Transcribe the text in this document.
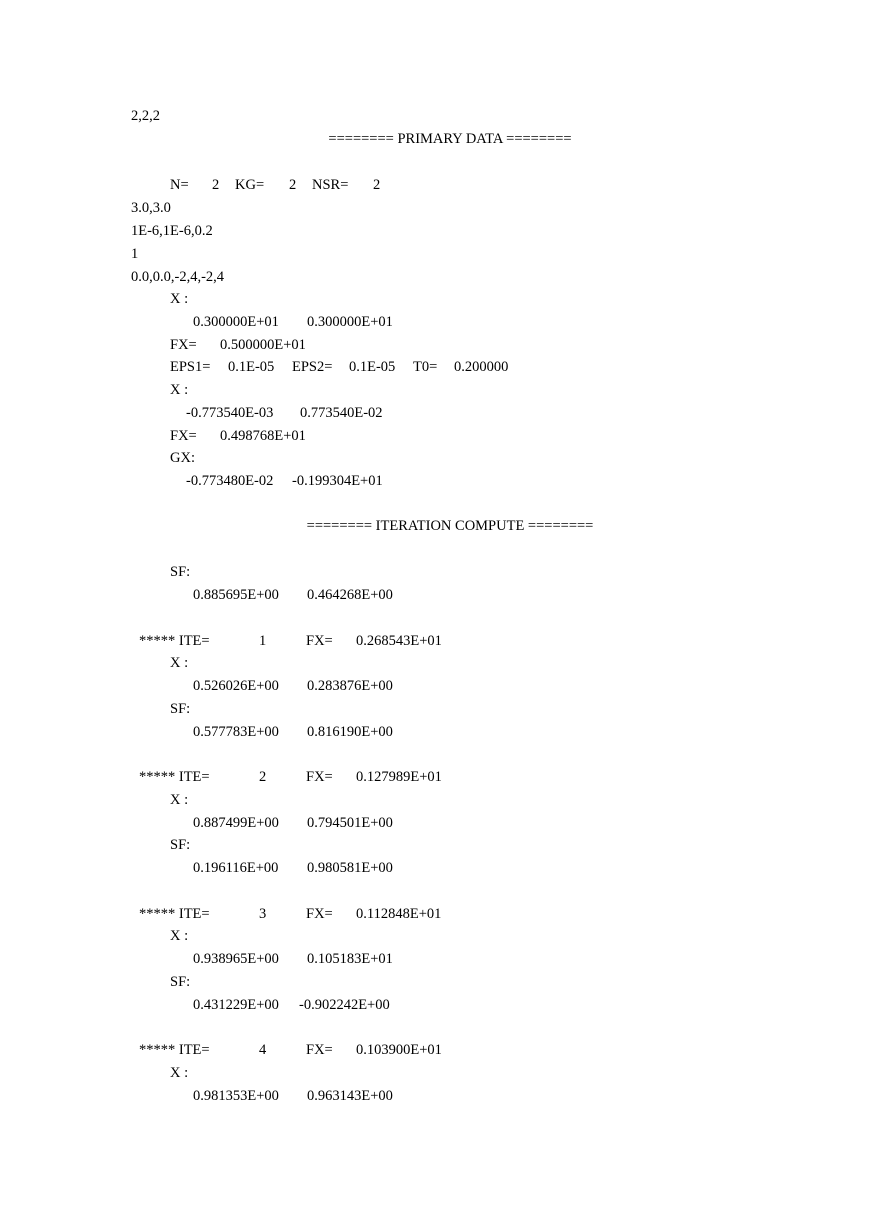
2,2,2
======== PRIMARY DATA ========
N= 2 KG= 2 NSR= 2
3.0,3.0
1E-6,1E-6,0.2
1
0.0,0.0,-2,4,-2,4
X :
0.300000E+01 0.300000E+01
FX= 0.500000E+01
EPS1= 0.1E-05 EPS2= 0.1E-05 T0= 0.200000
X :
-0.773540E-03 0.773540E-02
FX= 0.498768E+01
GX:
-0.773480E-02 -0.199304E+01
======== ITERATION COMPUTE ========
SF:
0.885695E+00 0.464268E+00
***** ITE=	1	FX= 0.268543E+01
X :
0.526026E+00 0.283876E+00
SF:
0.577783E+00 0.816190E+00
***** ITE=	2	FX= 0.127989E+01
X :
0.887499E+00 0.794501E+00
SF:
0.196116E+00 0.980581E+00
***** ITE=	3	FX= 0.112848E+01
X :
0.938965E+00 0.105183E+01
SF:
0.431229E+00 -0.902242E+00
***** ITE=	4	FX= 0.103900E+01
X :
0.981353E+00 0.963143E+00
